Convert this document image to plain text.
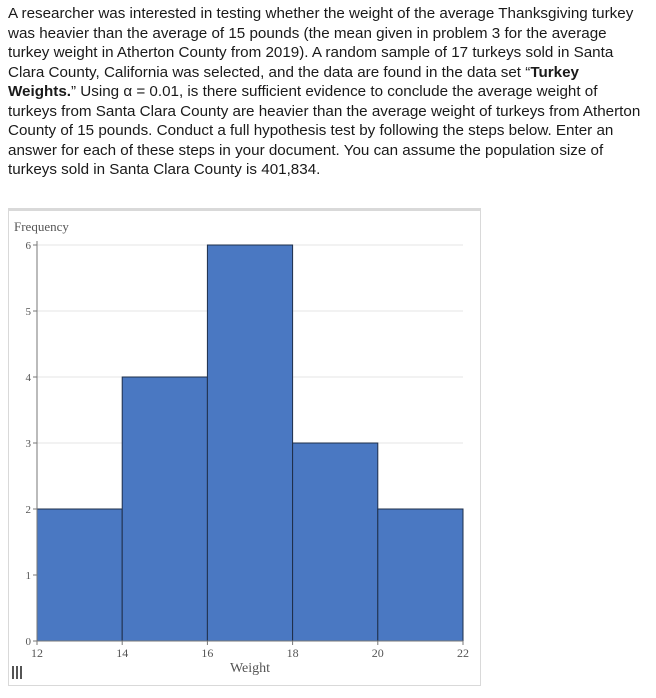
A researcher was interested in testing whether the weight of the average Thanksgiving turkey was heavier than the average of 15 pounds (the mean given in problem 3 for the average turkey weight in Atherton County from 2019). A random sample of 17 turkeys sold in Santa Clara County, California was selected, and the data are found in the data set “Turkey Weights.” Using α = 0.01, is there sufficient evidence to conclude the average weight of turkeys from Santa Clara County are heavier than the average weight of turkeys from Atherton County of 15 pounds. Conduct a full hypothesis test by following the steps below. Enter an answer for each of these steps in your document. You can assume the population size of turkeys sold in Santa Clara County is 401,834.

0
1
2
3
4
5
6
12	14	16	18	20	22
Frequency
Weight
